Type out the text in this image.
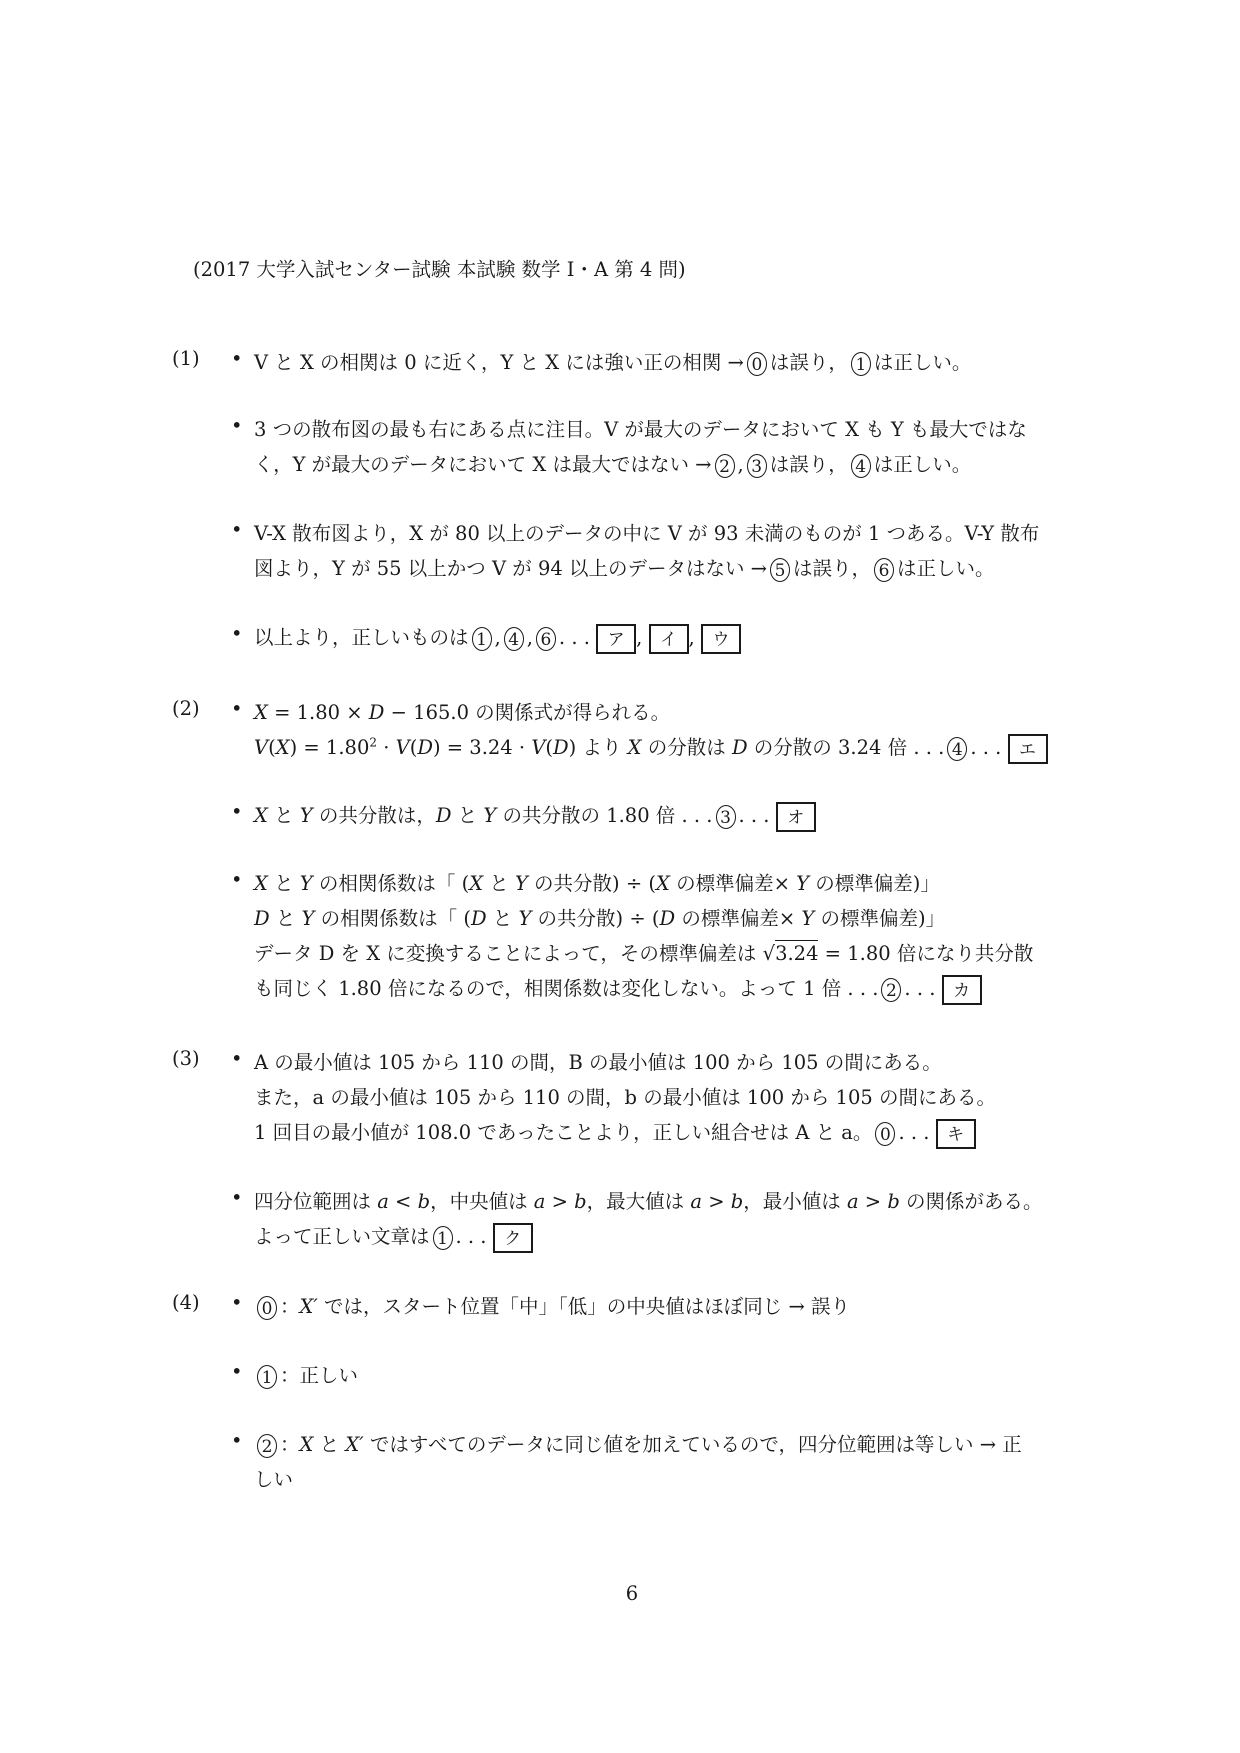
(2017 大学入試センター試験 本試験 数学 I・A 第 4 問)
(1) • V と X の相関は 0 に近く，Y と X には強い正の相関 → 0 は誤り， 1 は正しい。
• 3 つの散布図の最も右にある点に注目。V が最大のデータにおいて X も Y も最大ではな
く，Y が最大のデータにおいて X は最大ではない → 2 , 3 は誤り， 4 は正しい。
• V-X 散布図より，X が 80 以上のデータの中に V が 93 未満のものが 1 つある。V-Y 散布
図より，Y が 55 以上かつ V が 94 以上のデータはない → 5 は誤り， 6 は正しい。
• 以上より，正しいものは 1 , 4 , 6 . . . ア , イ , ウ
(2) • X = 1.80 × D − 165.0 の関係式が得られる。
$V(X) = 1.80^2 \cdot V(D) = 3.24 \cdot V(D)$ より X の分散は D の分散の 3.24 倍 . . . 4 . . . エ
• X と Y の共分散は，D と Y の共分散の 1.80 倍 . . . 3 . . . オ
• X と Y の相関係数は「 (X と Y の共分散) ÷ (X の標準偏差× Y の標準偏差)」
D と Y の相関係数は「 (D と Y の共分散) ÷ (D の標準偏差× Y の標準偏差)」
データ D を X に変換することによって，その標準偏差は √3.24 = 1.80 倍になり共分散
も同じく 1.80 倍になるので，相関係数は変化しない。よって 1 倍 . . . 2 . . . カ
(3) • A の最小値は 105 から 110 の間，B の最小値は 100 から 105 の間にある。
また，a の最小値は 105 から 110 の間，b の最小値は 100 から 105 の間にある。
1 回目の最小値が 108.0 であったことより，正しい組合せは A と a。 0 . . . キ
• 四分位範囲は a < b，中央値は a > b，最大値は a > b，最小値は a > b の関係がある。
よって正しい文章は 1 . . . ク
(4) •	0 ：X′ では，スタート位置「中」「低」の中央値はほぼ同じ → 誤り
•	1 ：正しい
•	2 ：X と X′ ではすべてのデータに同じ値を加えているので，四分位範囲は等しい → 正
しい
6
